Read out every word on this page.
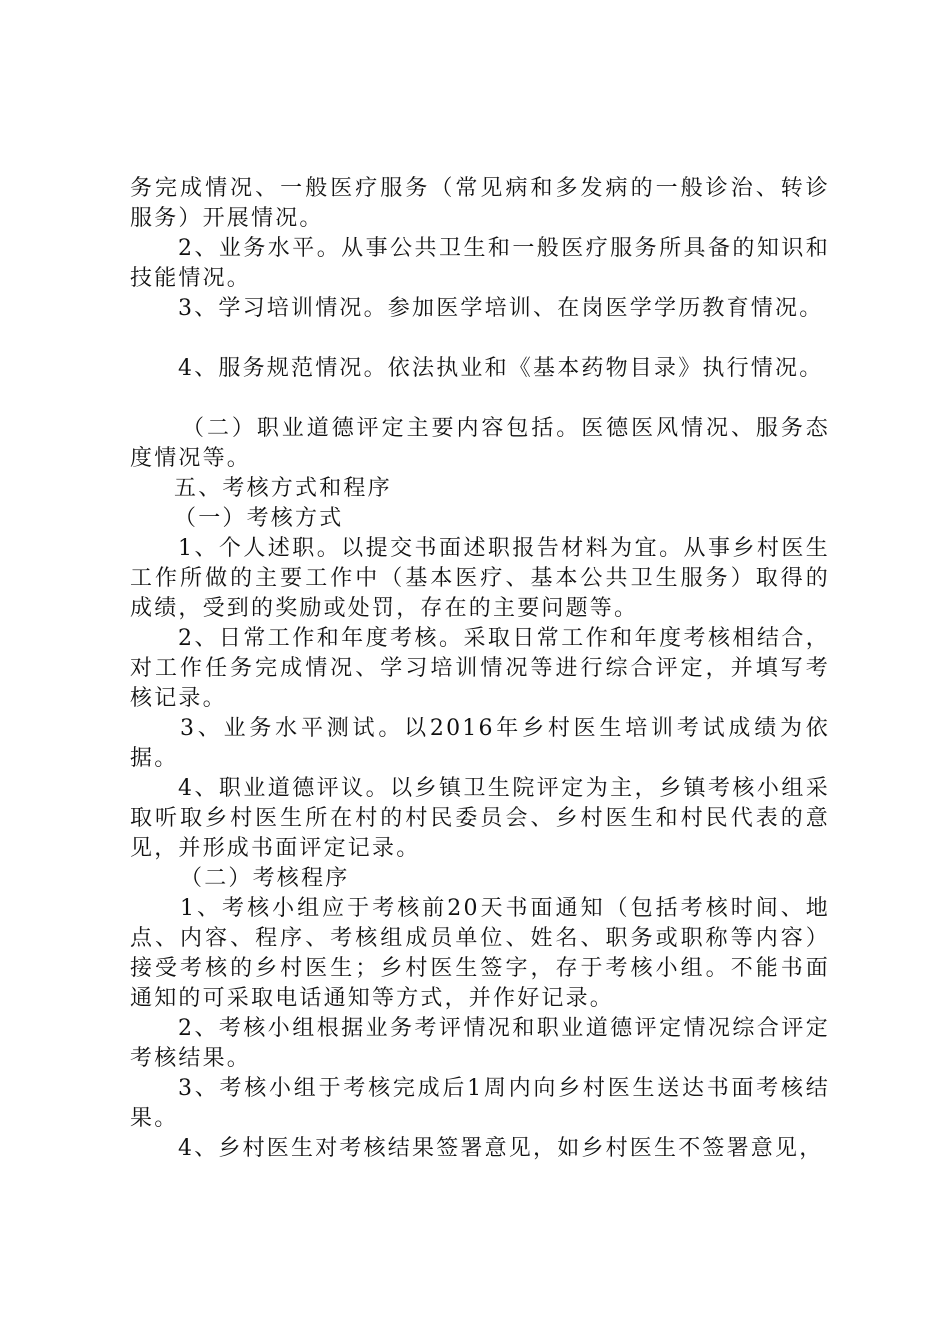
务完成情况、一般医疗服务（常见病和多发病的一般诊治、转诊服务）开展情况。

2、业务水平。从事公共卫生和一般医疗服务所具备的知识和技能情况。

3、学习培训情况。参加医学培训、在岗医学学历教育情况。

4、服务规范情况。依法执业和《基本药物目录》执行情况。

（二）职业道德评定主要内容包括。医德医风情况、服务态度情况等。

五、考核方式和程序

（一）考核方式

1、个人述职。以提交书面述职报告材料为宜。从事乡村医生工作所做的主要工作中（基本医疗、基本公共卫生服务）取得的成绩，受到的奖励或处罚，存在的主要问题等。

2、日常工作和年度考核。采取日常工作和年度考核相结合，对工作任务完成情况、学习培训情况等进行综合评定，并填写考核记录。

3、业务水平测试。以2016年乡村医生培训考试成绩为依据。

4、职业道德评议。以乡镇卫生院评定为主，乡镇考核小组采取听取乡村医生所在村的村民委员会、乡村医生和村民代表的意见，并形成书面评定记录。

（二）考核程序

1、考核小组应于考核前20天书面通知（包括考核时间、地点、内容、程序、考核组成员单位、姓名、职务或职称等内容）接受考核的乡村医生；乡村医生签字，存于考核小组。不能书面通知的可采取电话通知等方式，并作好记录。

2、考核小组根据业务考评情况和职业道德评定情况综合评定考核结果。

3、考核小组于考核完成后1周内向乡村医生送达书面考核结果。

4、乡村医生对考核结果签署意见，如乡村医生不签署意见，
